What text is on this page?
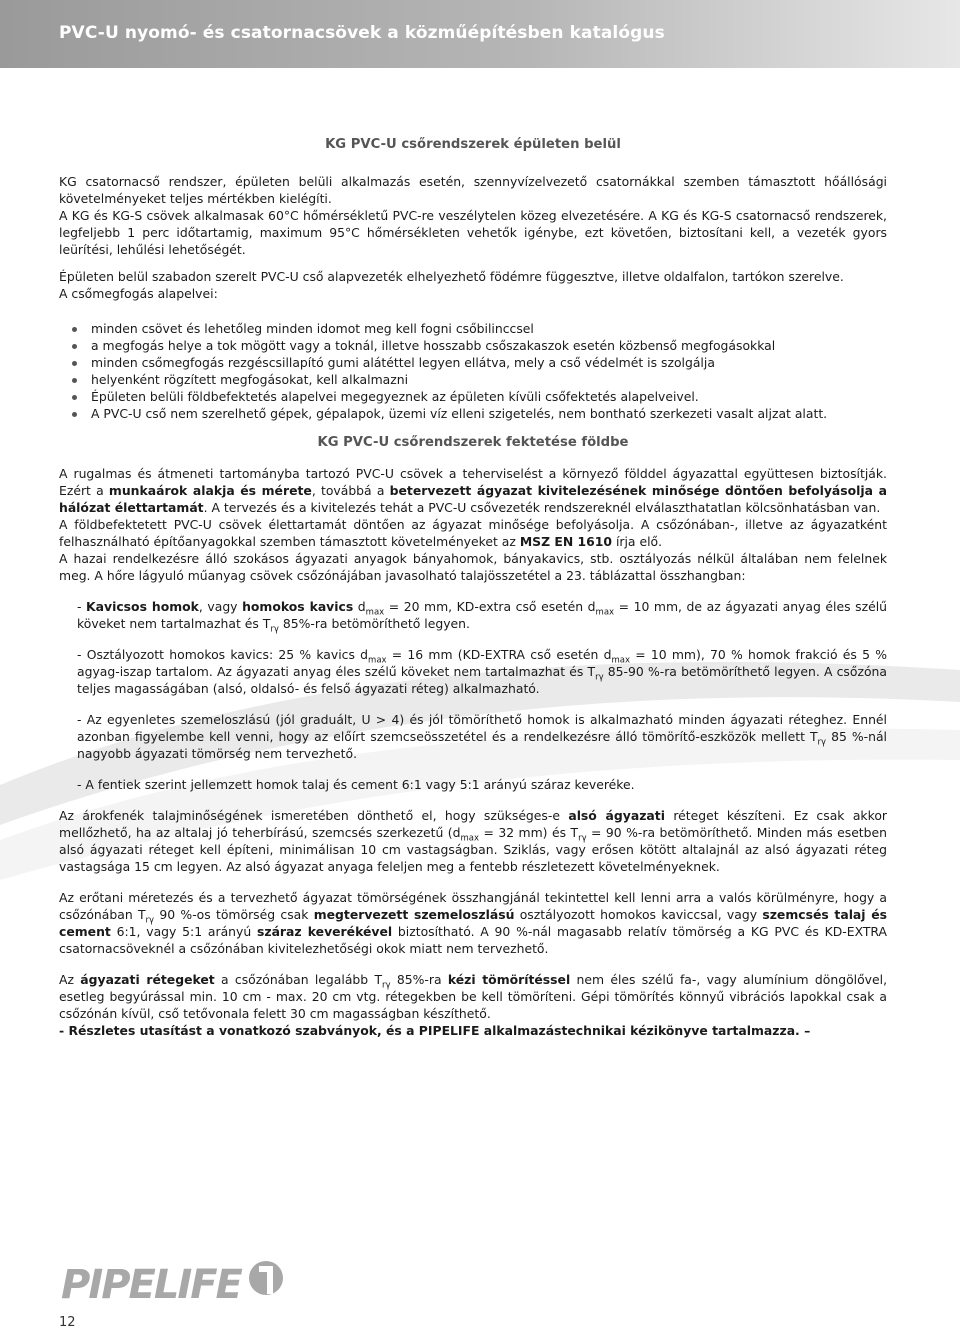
PVC-U nyomó- és csatornacsövek a közműépítésben katalógus
KG PVC-U csőrendszerek épületen belül

KG csatornacső rendszer, épületen belüli alkalmazás esetén, szennyvízelvezető csatornákkal szemben támasztott hőállósági követelményeket teljes mértékben kielégíti.

A KG és KG-S csövek alkalmasak 60°C hőmérsékletű PVC-re veszélytelen közeg elvezetésére. A KG és KG-S csatornacső rendszerek, legfeljebb 1 perc időtartamig, maximum 95°C hőmérsékleten vehetők igénybe, ezt követően, biztosítani kell, a vezeték gyors leürítési, lehűlési lehetőségét.

Épületen belül szabadon szerelt PVC-U cső alapvezeték elhelyezhető födémre függesztve, illetve oldalfalon, tartókon szerelve.

A csőmegfogás alapelvei:

minden csövet és lehetőleg minden idomot meg kell fogni csőbilinccsel
a megfogás helye a tok mögött vagy a toknál, illetve hosszabb csőszakaszok esetén közbenső megfogásokkal
minden csőmegfogás rezgéscsillapító gumi alátéttel legyen ellátva, mely a cső védelmét is szolgálja
helyenként rögzített megfogásokat, kell alkalmazni
Épületen belüli földbefektetés alapelvei megegyeznek az épületen kívüli csőfektetés alapelveivel.
A PVC-U cső nem szerelhető gépek, gépalapok, üzemi víz elleni szigetelés, nem bontható szerkezeti vasalt aljzat alatt.
KG PVC-U csőrendszerek fektetése földbe

A rugalmas és átmeneti tartományba tartozó PVC-U csövek a teherviselést a környező földdel ágyazattal együttesen biztosítják. Ezért a munkaárok alakja és mérete, továbbá a betervezett ágyazat kivitelezésének minősége döntően befolyásolja a hálózat élettartamát. A tervezés és a kivitelezés tehát a PVC-U csővezeték rendszereknél elválaszthatatlan kölcsönhatásban van.

A földbefektetett PVC-U csövek élettartamát döntően az ágyazat minősége befolyásolja. A csőzónában-, illetve az ágyazatként felhasználható építőanyagokkal szemben támasztott követelményeket az MSZ EN 1610 írja elő.

A hazai rendelkezésre álló szokásos ágyazati anyagok bányahomok, bányakavics, stb. osztályozás nélkül általában nem felelnek meg. A hőre lágyuló műanyag csövek csőzónájában javasolható talajösszetétel a 23. táblázattal összhangban:

- Kavicsos homok, vagy homokos kavics $d_{max} = 20$ mm, KD-extra cső esetén $d_{max} = 10$ mm, de az ágyazati anyag éles szélű köveket nem tartalmazhat és $T_{r\gamma}$ 85%-ra betömöríthető legyen.

- Osztályozott homokos kavics: 25 % kavics $d_{max} = 16$ mm (KD-EXTRA cső esetén $d_{max} = 10$ mm), 70 % homok frakció és 5 % agyag-iszap tartalom. Az ágyazati anyag éles szélű köveket nem tartalmazhat és $T_{r\gamma}$ 85-90 %-ra betömöríthető legyen. A csőzóna teljes magasságában (alsó, oldalsó- és felső ágyazati réteg) alkalmazható.

- Az egyenletes szemeloszlású (jól graduált, U > 4) és jól tömöríthető homok is alkalmazható minden ágyazati réteghez. Ennél azonban figyelembe kell venni, hogy az előírt szemcseösszetétel és a rendelkezésre álló tömörítő-eszközök mellett $T_{r\gamma}$ 85 %-nál nagyobb ágyazati tömörség nem tervezhető.

- A fentiek szerint jellemzett homok talaj és cement 6:1 vagy 5:1 arányú száraz keveréke.

Az árokfenék talajminőségének ismeretében dönthető el, hogy szükséges-e alsó ágyazati réteget készíteni. Ez csak akkor mellőzhető, ha az altalaj jó teherbírású, szemcsés szerkezetű ($d_{max} = 32$ mm) és $T_{r\gamma} = 90$ %-ra betömöríthető. Minden más esetben alsó ágyazati réteget kell építeni, minimálisan 10 cm vastagságban. Sziklás, vagy erősen kötött altalajnál az alsó ágyazati réteg vastagsága 15 cm legyen. Az alsó ágyazat anyaga feleljen meg a fentebb részletezett követelményeknek.

Az erőtani méretezés és a tervezhető ágyazat tömörségének összhangjánál tekintettel kell lenni arra a valós körülményre, hogy a csőzónában $T_{r\gamma}$ 90 %-os tömörség csak megtervezett szemeloszlású osztályozott homokos kaviccsal, vagy szemcsés talaj és cement 6:1, vagy 5:1 arányú száraz keverékével biztosítható. A 90 %-nál magasabb relatív tömörség a KG PVC és KD-EXTRA csatornacsöveknél a csőzónában kivitelezhetőségi okok miatt nem tervezhető.

Az ágyazati rétegeket a csőzónában legalább $T_{r\gamma}$ 85%-ra kézi tömörítéssel nem éles szélű fa-, vagy alumínium döngölővel, esetleg begyúrással min. 10 cm - max. 20 cm vtg. rétegekben be kell tömöríteni. Gépi tömörítés könnyű vibrációs lapokkal csak a csőzónán kívül, cső tetővonala felett 30 cm magasságban készíthető.

- Részletes utasítást a vonatkozó szabványok, és a PIPELIFE alkalmazástechnikai kézikönyve tartalmazza. –

PIPELIFE
12
